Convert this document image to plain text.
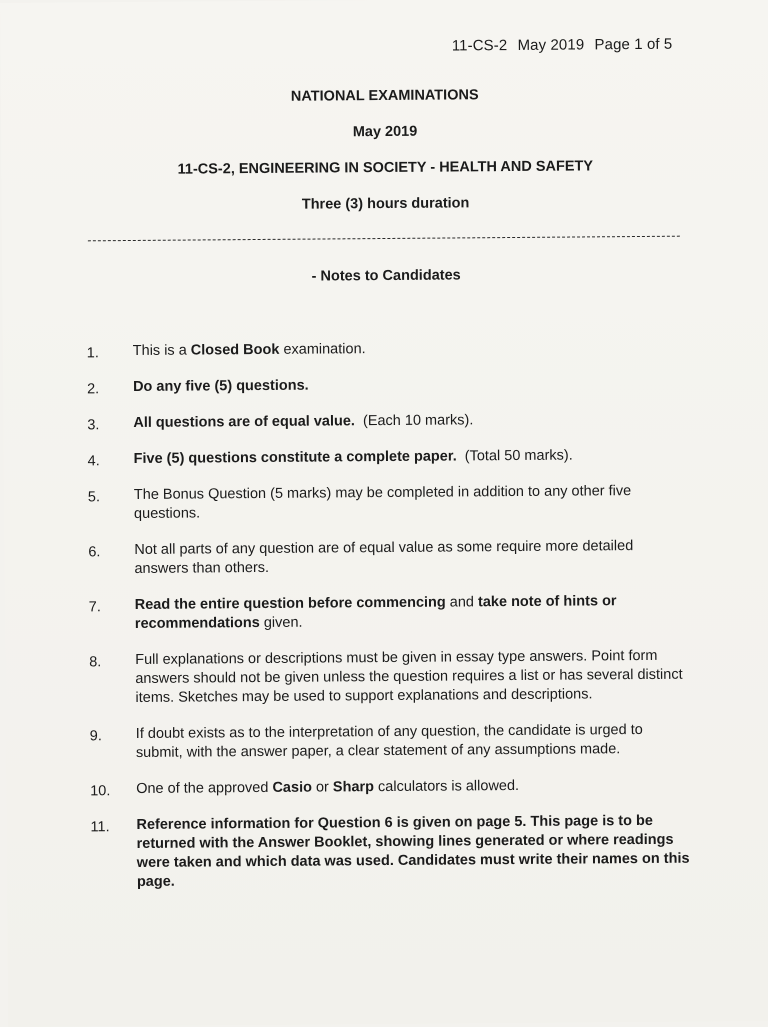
11-CS-2 May 2019 Page 1 of 5
NATIONAL EXAMINATIONS
May 2019
11-CS-2, ENGINEERING IN SOCIETY - HEALTH AND SAFETY
Three (3) hours duration
- Notes to Candidates
1. This is a Closed Book examination.
2. Do any five (5) questions.
3. All questions are of equal value.  (Each 10 marks).
4. Five (5) questions constitute a complete paper.  (Total 50 marks).
5. The Bonus Question (5 marks) may be completed in addition to any other five questions.
6. Not all parts of any question are of equal value as some require more detailed answers than others.
7. Read the entire question before commencing and take note of hints or recommendations given.
8. Full explanations or descriptions must be given in essay type answers. Point form answers should not be given unless the question requires a list or has several distinct items. Sketches may be used to support explanations and descriptions.
9. If doubt exists as to the interpretation of any question, the candidate is urged to submit, with the answer paper, a clear statement of any assumptions made.
10. One of the approved Casio or Sharp calculators is allowed.
11. Reference information for Question 6 is given on page 5. This page is to be returned with the Answer Booklet, showing lines generated or where readings were taken and which data was used. Candidates must write their names on this page.
